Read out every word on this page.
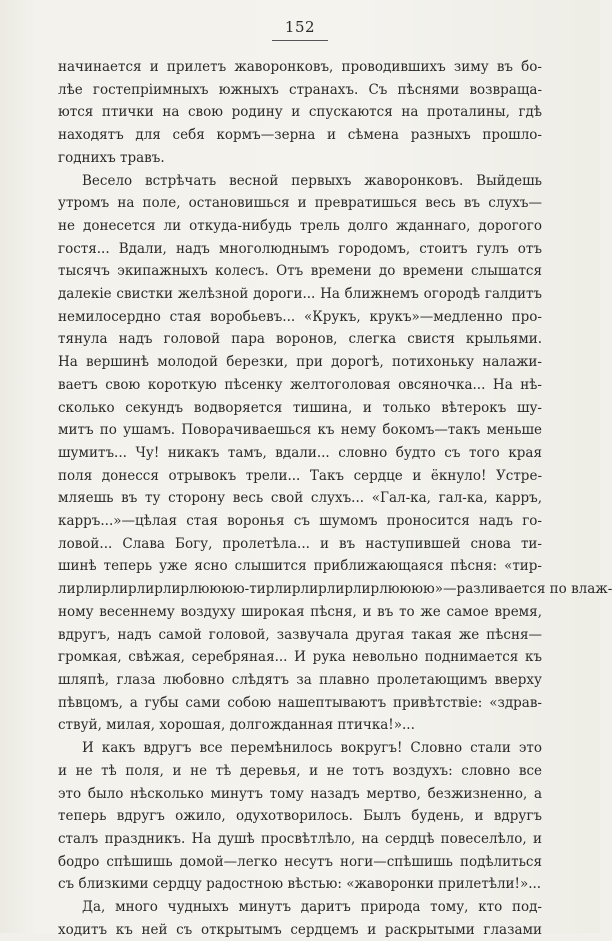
152

начинается и прилетъ жаворонковъ, проводившихъ зиму въ бо-
лѣе гостепріимныхъ южныхъ странахъ. Съ пѣснями возвраща-
ются птички на свою родину и спускаются на проталины, гдѣ
находятъ для себя кормъ—зерна и сѣмена разныхъ прошло-
годнихъ травъ.

Весело встрѣчать весной первыхъ жаворонковъ. Выйдешь
утромъ на поле, остановишься и превратишься весь въ слухъ—
не донесется ли откуда-нибудь трель долго жданнаго, дорогого
гостя... Вдали, надъ многолюднымъ городомъ, стоитъ гулъ отъ
тысячъ экипажныхъ колесъ. Отъ времени до времени слышатся
далекіе свистки желѣзной дороги... На ближнемъ огородѣ галдитъ
немилосердно стая воробьевъ... «Крукъ, крукъ»—медленно про-
тянула надъ головой пара воронов, слегка свистя крыльями.
На вершинѣ молодой березки, при дорогѣ, потихоньку налажи-
ваетъ свою короткую пѣсенку желтоголовая овсяночка... На нѣ-
сколько секундъ водворяется тишина, и только вѣтерокъ шу-
митъ по ушамъ. Поворачиваешься къ нему бокомъ—такъ меньше
шумитъ... Чу! никакъ тамъ, вдали... словно будто съ того края
поля донесся отрывокъ трели... Такъ сердце и ёкнуло! Устре-
мляешь въ ту сторону весь свой слухъ... «Гал-ка, гал-ка, карръ,
карръ...»—цѣлая стая воронья съ шумомъ проносится надъ го-
ловой... Слава Богу, пролетѣла... и въ наступившей снова ти-
шинѣ теперь уже ясно слышится приближающаяся пѣсня: «тир-
лирлирлирлирлирлюююю-тирлирлирлирлирлюююю»—разливается по влаж-
ному весеннему воздуху широкая пѣсня, и въ то же самое время,
вдругъ, надъ самой головой, зазвучала другая такая же пѣсня—
громкая, свѣжая, серебряная... И рука невольно поднимается къ
шляпѣ, глаза любовно слѣдятъ за плавно пролетающимъ вверху
пѣвцомъ, а губы сами собою нашептываютъ привѣтствіе: «здрав-
ствуй, милая, хорошая, долгожданная птичка!»...

И какъ вдругъ все перемѣнилось вокругъ! Словно стали это
и не тѣ поля, и не тѣ деревья, и не тотъ воздухъ: словно все
это было нѣсколько минутъ тому назадъ мертво, безжизненно, а
теперь вдругъ ожило, одухотворилось. Былъ будень, и вдругъ
сталъ праздникъ. На душѣ просвѣтлѣло, на сердцѣ повеселѣло, и
бодро спѣшишь домой—легко несутъ ноги—спѣшишь подѣлиться
съ близкими сердцу радостною вѣстью: «жаворонки прилетѣли!»...

Да, много чудныхъ минутъ даритъ природа тому, кто под-
ходитъ къ ней съ открытымъ сердцемъ и раскрытыми глазами
